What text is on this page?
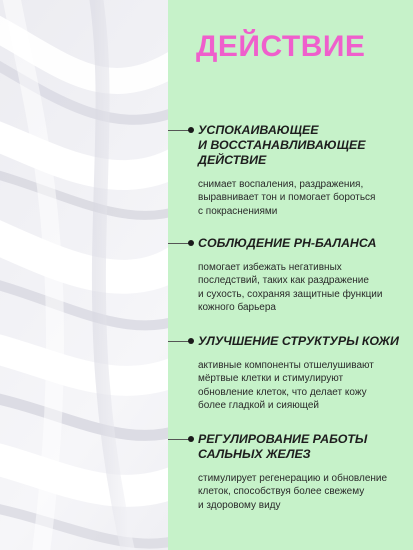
ДЕЙСТВИЕ

УСПОКАИВАЮЩЕЕ
И ВОССТАНАВЛИВАЮЩЕЕ
ДЕЙСТВИЕ

снимает воспаления, раздражения,
выравнивает тон и помогает бороться
с покраснениями

СОБЛЮДЕНИЕ PH-БАЛАНСА

помогает избежать негативных
последствий, таких как раздражение
и сухость, сохраняя защитные функции
кожного барьера

УЛУЧШЕНИЕ СТРУКТУРЫ КОЖИ

активные компоненты отшелушивают
мёртвые клетки и стимулируют
обновление клеток, что делает кожу
более гладкой и сияющей

РЕГУЛИРОВАНИЕ РАБОТЫ
САЛЬНЫХ ЖЕЛЕЗ

стимулирует регенерацию и обновление
клеток, способствуя более свежему
и здоровому виду
